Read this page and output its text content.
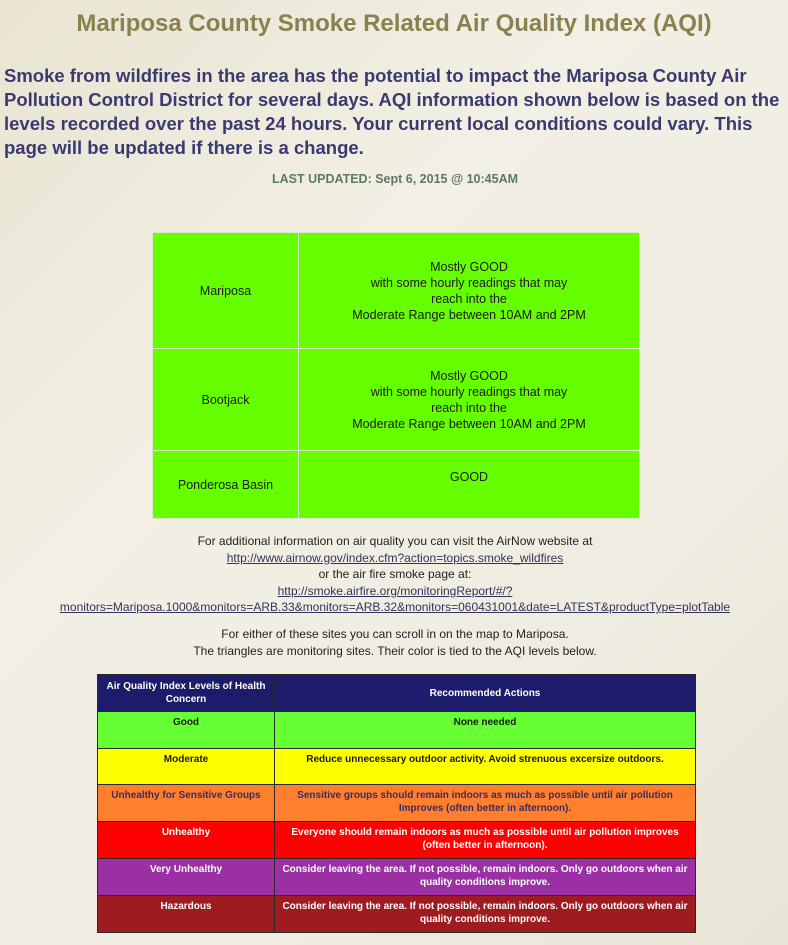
Mariposa County Smoke Related Air Quality Index (AQI)
Smoke from wildfires in the area has the potential to impact the Mariposa County Air Pollution Control District for several days. AQI information shown below is based on the levels recorded over the past 24 hours. Your current local conditions could vary. This page will be updated if there is a change.
LAST UPDATED: Sept 6, 2015 @ 10:45AM
Mariposa	Mostly GOOD
with some hourly readings that may
reach into the
Moderate Range between 10AM and 2PM

Bootjack	Mostly GOOD
with some hourly readings that may
reach into the
Moderate Range between 10AM and 2PM

Ponderosa Basin	GOOD
For additional information on air quality you can visit the AirNow website at
http://www.airnow.gov/index.cfm?action=topics.smoke_wildfires
or the air fire smoke page at:
http://smoke.airfire.org/monitoringReport/#/?
monitors=Mariposa.1000&monitors=ARB.33&monitors=ARB.32&monitors=060431001&date=LATEST&productType=plotTable
For either of these sites you can scroll in on the map to Mariposa.
The triangles are monitoring sites. Their color is tied to the AQI levels below.
Air Quality Index Levels of Health Concern	Recommended Actions
Good	None needed
Moderate	Reduce unnecessary outdoor activity. Avoid strenuous excersize outdoors.
Unhealthy for Sensitive Groups	Sensitive groups should remain indoors as much as possible until air pollution Improves (often better in afternoon).
Unhealthy	Everyone should remain indoors as much as possible until air pollution improves (often better in afternoon).
Very Unhealthy	Consider leaving the area. If not possible, remain indoors. Only go outdoors when air quality conditions improve.
Hazardous	Consider leaving the area. If not possible, remain indoors. Only go outdoors when air quality conditions improve.
